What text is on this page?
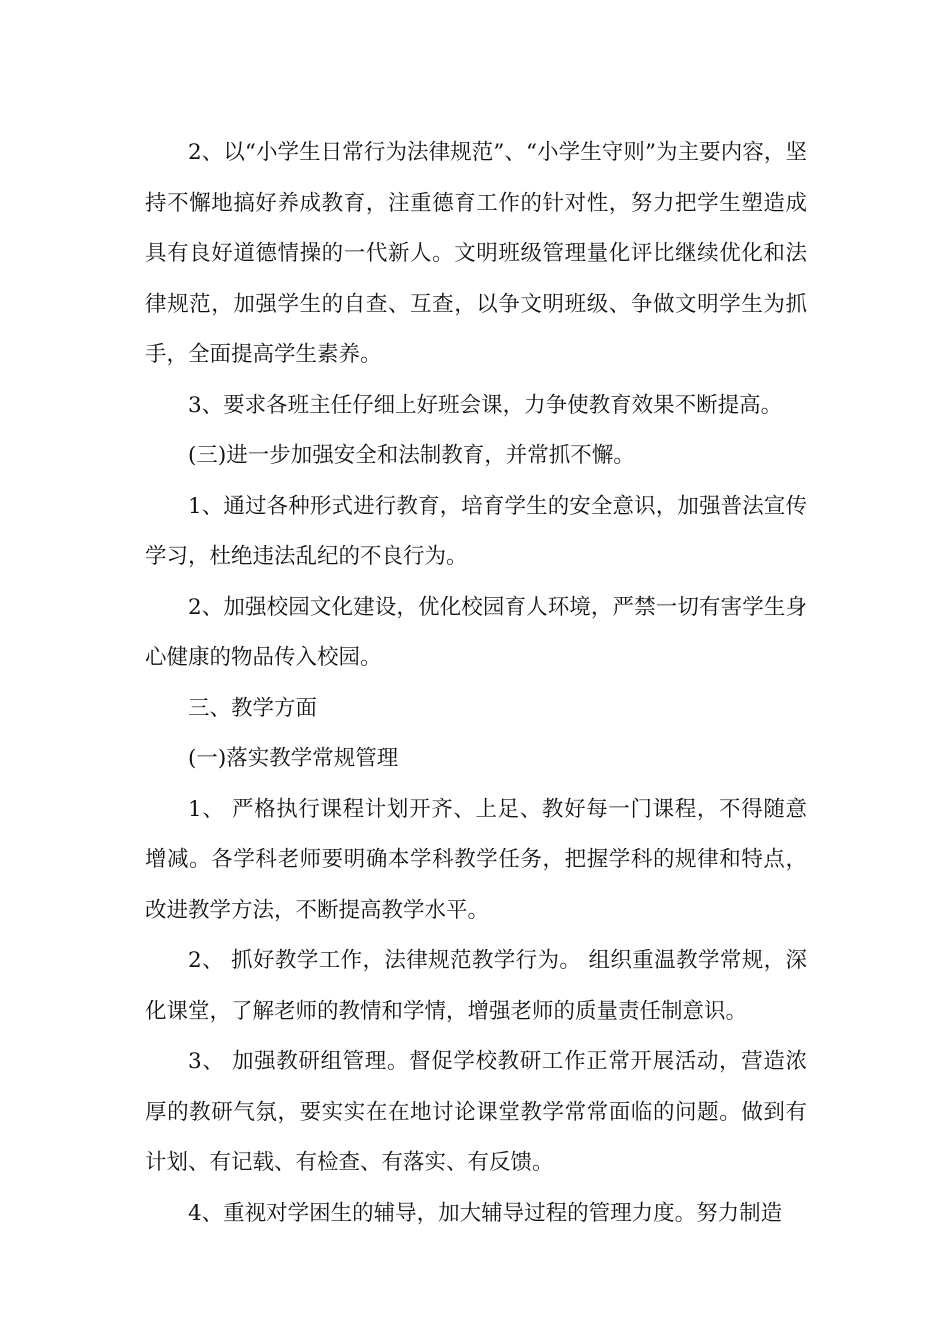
2、以“小学生日常行为法律规范”、“小学生守则”为主要内容，坚持不懈地搞好养成教育，注重德育工作的针对性，努力把学生塑造成具有良好道德情操的一代新人。文明班级管理量化评比继续优化和法律规范，加强学生的自查、互查，以争文明班级、争做文明学生为抓手，全面提高学生素养。

3、要求各班主任仔细上好班会课，力争使教育效果不断提高。

(三)进一步加强安全和法制教育，并常抓不懈。

1、通过各种形式进行教育，培育学生的安全意识，加强普法宣传学习，杜绝违法乱纪的不良行为。

2、加强校园文化建设，优化校园育人环境，严禁一切有害学生身心健康的物品传入校园。

三、教学方面

(一)落实教学常规管理

1、 严格执行课程计划开齐、上足、教好每一门课程，不得随意增减。各学科老师要明确本学科教学任务，把握学科的规律和特点，改进教学方法，不断提高教学水平。

2、 抓好教学工作，法律规范教学行为。 组织重温教学常规，深化课堂，了解老师的教情和学情，增强老师的质量责任制意识。

3、 加强教研组管理。督促学校教研工作正常开展活动，营造浓厚的教研气氛，要实实在在地讨论课堂教学常常面临的问题。做到有计划、有记载、有检查、有落实、有反馈。

4、重视对学困生的辅导，加大辅导过程的管理力度。努力制造
